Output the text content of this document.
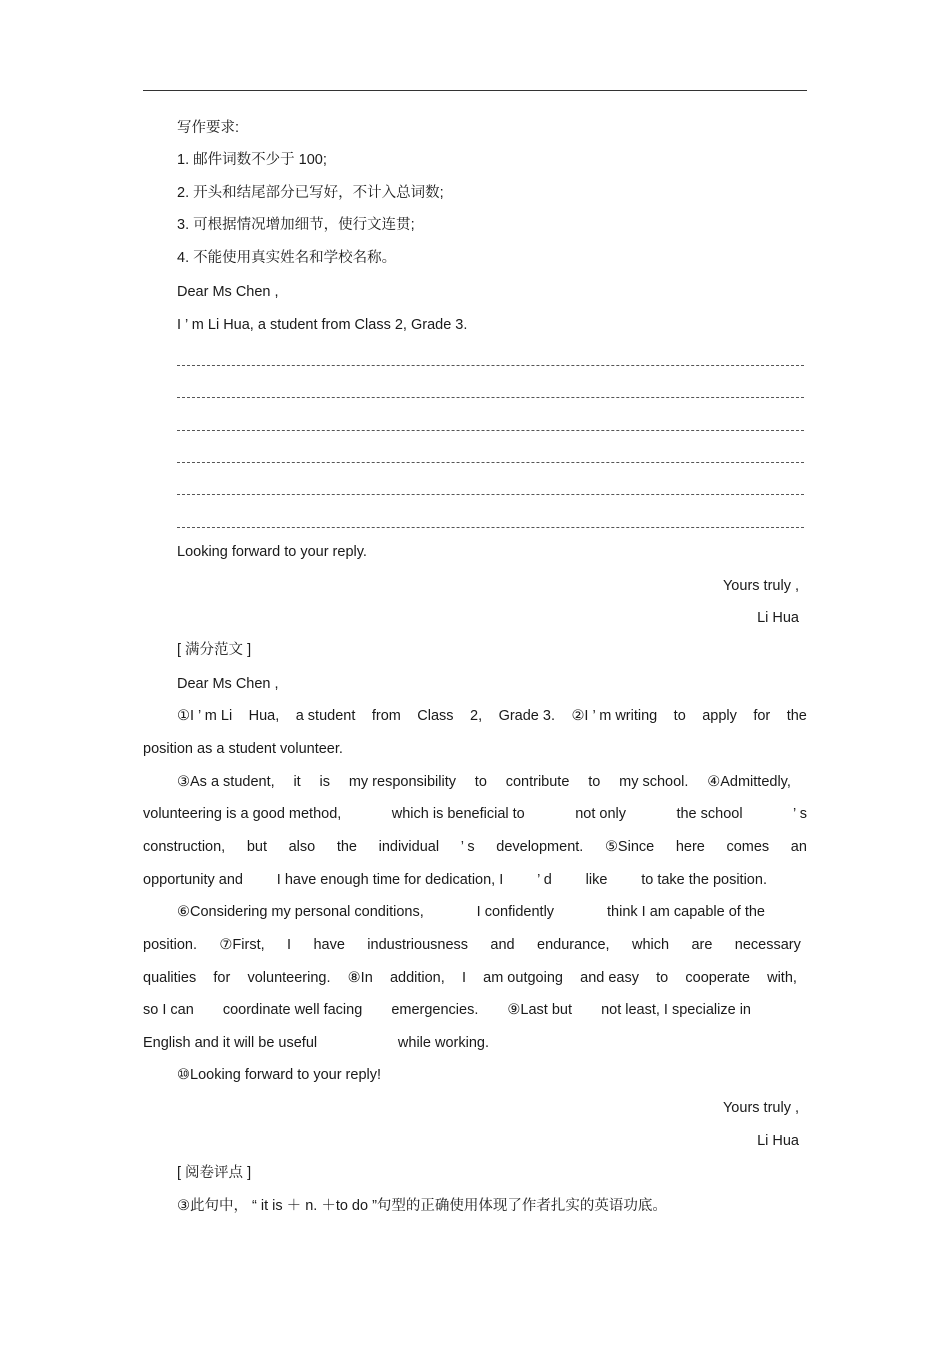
写作要求:
1. 邮件词数不少于 100;
2. 开头和结尾部分已写好，不计入总词数;
3. 可根据情况增加细节，使行文连贯;
4. 不能使用真实姓名和学校名称。
Dear Ms Chen ,
I ’ m Li Hua, a student from Class 2, Grade 3.
Looking forward to your reply.
Yours truly ,
Li Hua
[ 满分范文 ]
Dear Ms Chen ,
①I ’ m Li Hua, a student from Class 2, Grade 3. ②I ’ m writing to apply for the
position as a student volunteer.
③As a student, it is my responsibility to contribute to my school. ④Admittedly,
volunteering is a good method,	which is beneficial to	not only	the school	’ s
construction, but also the individual ’ s development. ⑤Since here comes an
opportunity and I have enough time for dedication, I ’ d like to take the position.
⑥Considering my personal conditions,	I confidently	think I am capable of the
position. ⑦First, I have industriousness and endurance, which are necessary
qualities for volunteering. ⑧In addition, I am outgoing and easy to cooperate with,
so I can coordinate well facing emergencies. ⑨Last but not least, I specialize in
English and it will be useful	while working.
⑩Looking forward to your reply!
Yours truly ,
Li Hua
[ 阅卷评点 ]
③此句中， “ it is ＋ n. ＋to do ”句型的正确使用体现了作者扎实的英语功底。
